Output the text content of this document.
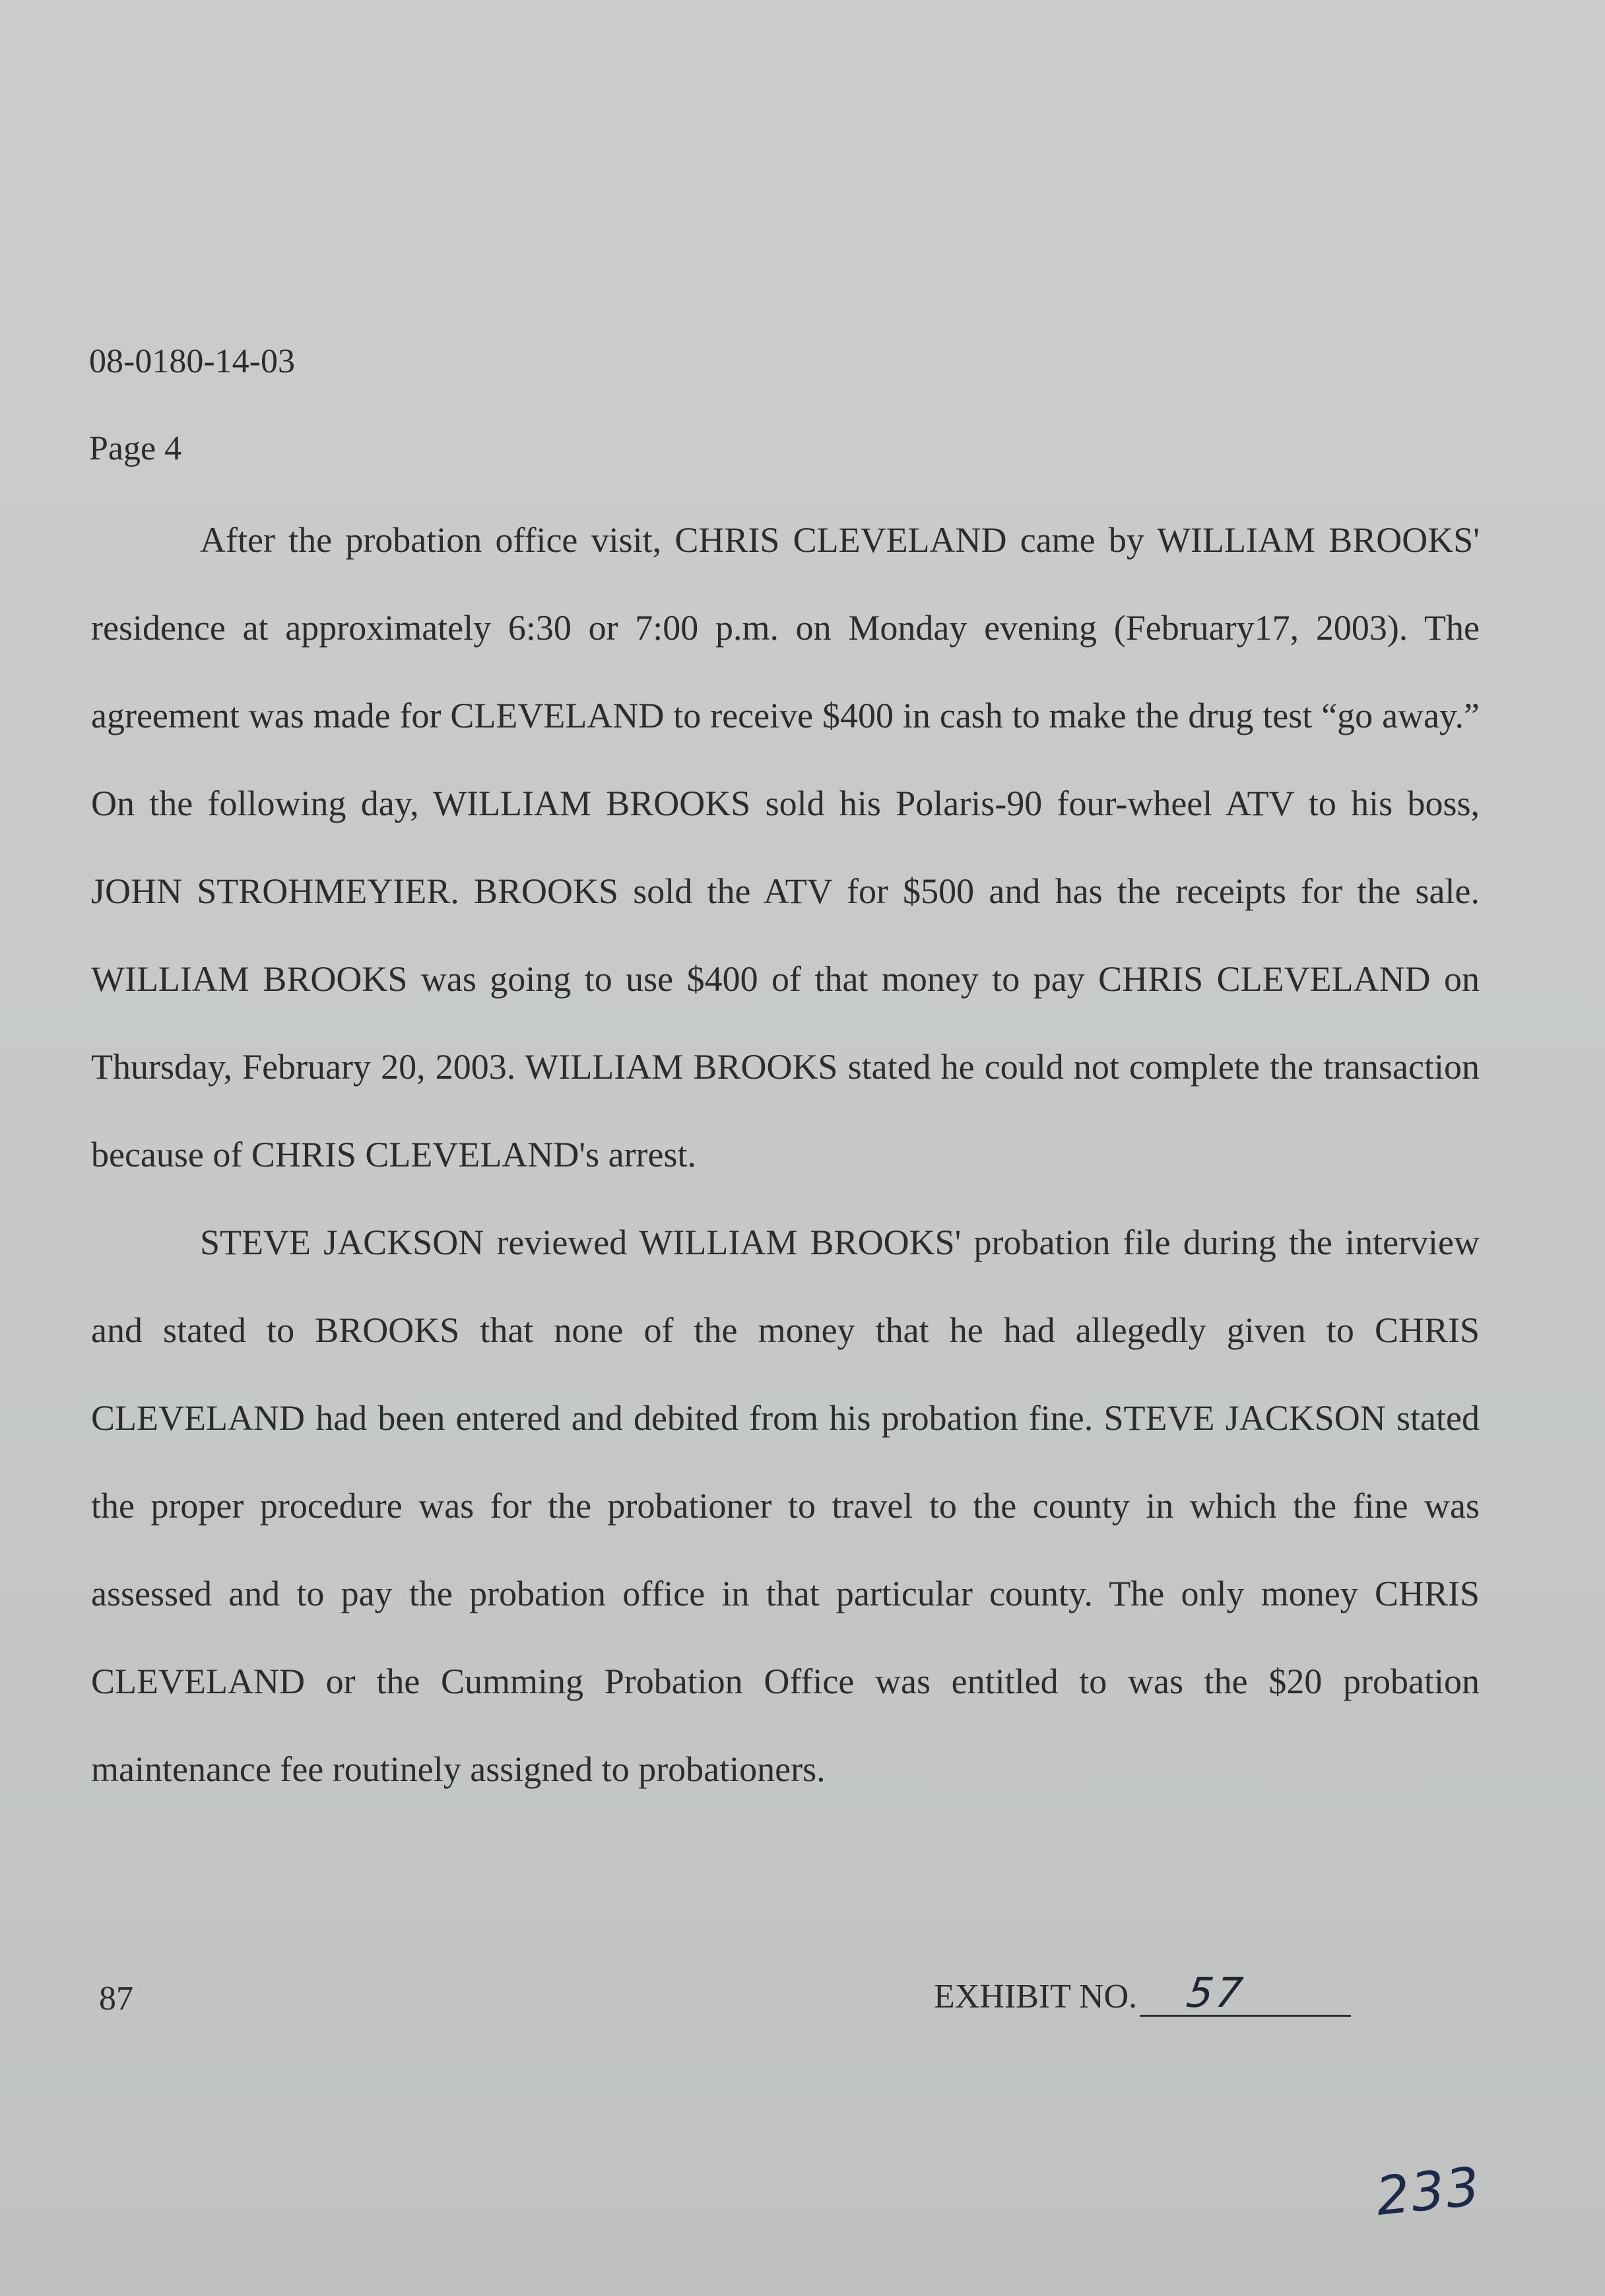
08-0180-14-03
Page 4

After the probation office visit, CHRIS CLEVELAND came by WILLIAM BROOKS' residence at approximately 6:30 or 7:00 p.m. on Monday evening (February17, 2003). The agreement was made for CLEVELAND to receive $400 in cash to make the drug test “go away.” On the following day, WILLIAM BROOKS sold his Polaris-90 four-wheel ATV to his boss, JOHN STROHMEYIER. BROOKS sold the ATV for $500 and has the receipts for the sale. WILLIAM BROOKS was going to use $400 of that money to pay CHRIS CLEVELAND on Thursday, February 20, 2003. WILLIAM BROOKS stated he could not complete the transaction because of CHRIS CLEVELAND's arrest.

STEVE JACKSON reviewed WILLIAM BROOKS' probation file during the interview and stated to BROOKS that none of the money that he had allegedly given to CHRIS CLEVELAND had been entered and debited from his probation fine. STEVE JACKSON stated the proper procedure was for the probationer to travel to the county in which the fine was assessed and to pay the probation office in that particular county. The only money CHRIS CLEVELAND or the Cumming Probation Office was entitled to was the $20 probation maintenance fee routinely assigned to probationers.

87	EXHIBIT NO. 57
233
